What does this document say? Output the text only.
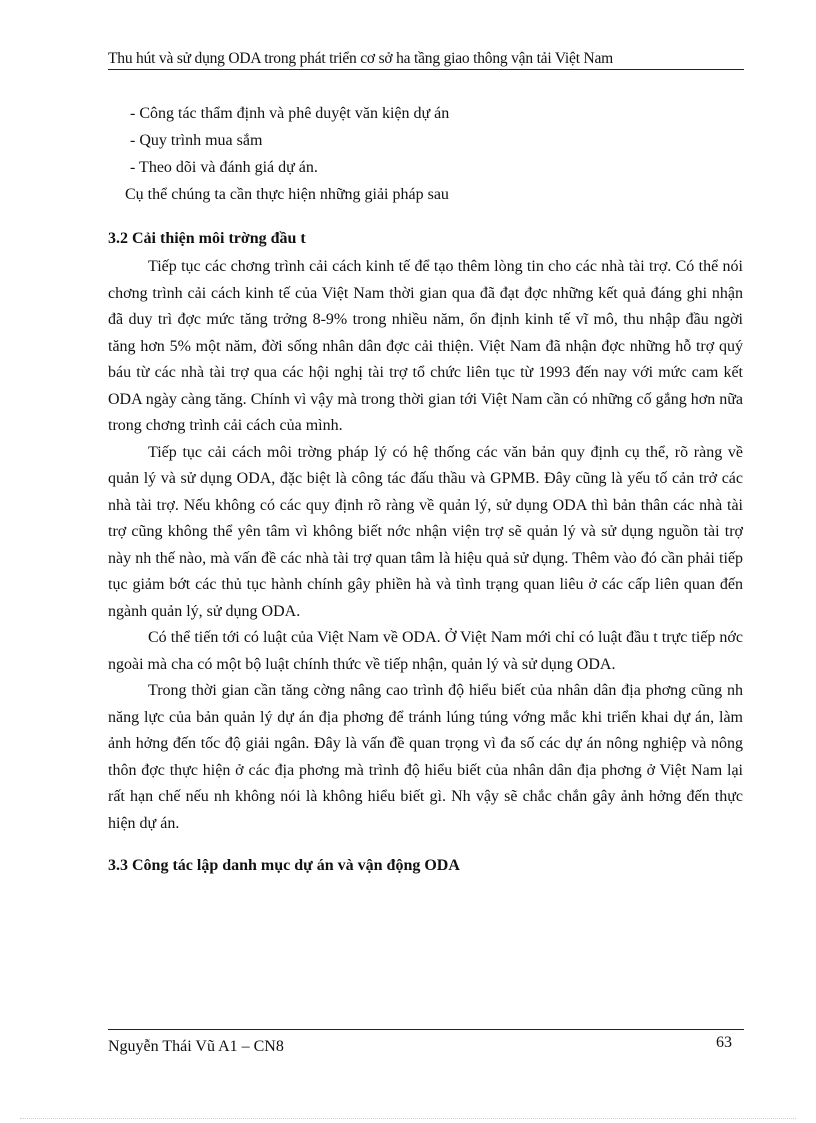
Thu hút và sử dụng ODA trong phát triển cơ sở ha tầng giao thông vận tải Việt Nam
- Công tác thẩm định và phê duyệt văn kiện dự án
- Quy trình mua sắm
- Theo dõi và đánh giá dự án.
Cụ thể chúng ta cần thực hiện những giải pháp sau
3.2 Cải thiện môi trờng đầu t

Tiếp tục các chơng trình cải cách kinh tế để tạo thêm lòng tin cho các nhà tài trợ. Có thể nói chơng trình cải cách kinh tế của Việt Nam thời gian qua đã đạt đợc những kết quả đáng ghi nhận đã duy trì đợc mức tăng trởng 8-9% trong nhiều năm, ổn định kinh tế vĩ mô, thu nhập đầu ngời tăng hơn 5% một năm, đời sống nhân dân đợc cải thiện. Việt Nam đã nhận đợc những hỗ trợ quý báu từ các nhà tài trợ qua các hội nghị tài trợ tổ chức liên tục từ 1993 đến nay với mức cam kết ODA ngày càng tăng. Chính vì vậy mà trong thời gian tới Việt Nam cần có những cố gắng hơn nữa trong chơng trình cải cách của mình.

Tiếp tục cải cách môi trờng pháp lý có hệ thống các văn bản quy định cụ thể, rõ ràng về quản lý và sử dụng ODA, đặc biệt là công tác đấu thầu và GPMB. Đây cũng là yếu tố cản trở các nhà tài trợ. Nếu không có các quy định rõ ràng về quản lý, sử dụng ODA thì bản thân các nhà tài trợ cũng không thể yên tâm vì không biết nớc nhận viện trợ sẽ quản lý và sử dụng nguồn tài trợ này nh thế nào, mà vấn đề các nhà tài trợ quan tâm là hiệu quả sử dụng. Thêm vào đó cần phải tiếp tục giảm bớt các thủ tục hành chính gây phiền hà và tình trạng quan liêu ở các cấp liên quan đến ngành quản lý, sử dụng ODA.

Có thể tiến tới có luật của Việt Nam về ODA. Ở Việt Nam mới chỉ có luật đầu t trực tiếp nớc ngoài mà cha có một bộ luật chính thức về tiếp nhận, quản lý và sử dụng ODA.

Trong thời gian cần tăng cờng nâng cao trình độ hiểu biết của nhân dân địa phơng cũng nh năng lực của bản quản lý dự án địa phơng để tránh lúng túng vớng mắc khi triển khai dự án, làm ảnh hởng đến tốc độ giải ngân. Đây là vấn đề quan trọng vì đa số các dự án nông nghiệp và nông thôn đợc thực hiện ở các địa phơng mà trình độ hiểu biết của nhân dân địa phơng ở Việt Nam lại rất hạn chế nếu nh không nói là không hiểu biết gì. Nh vậy sẽ chắc chắn gây ảnh hởng đến thực hiện dự án.

3.3 Công tác lập danh mục dự án và vận động ODA
Nguyễn Thái Vũ A1 – CN8	63
